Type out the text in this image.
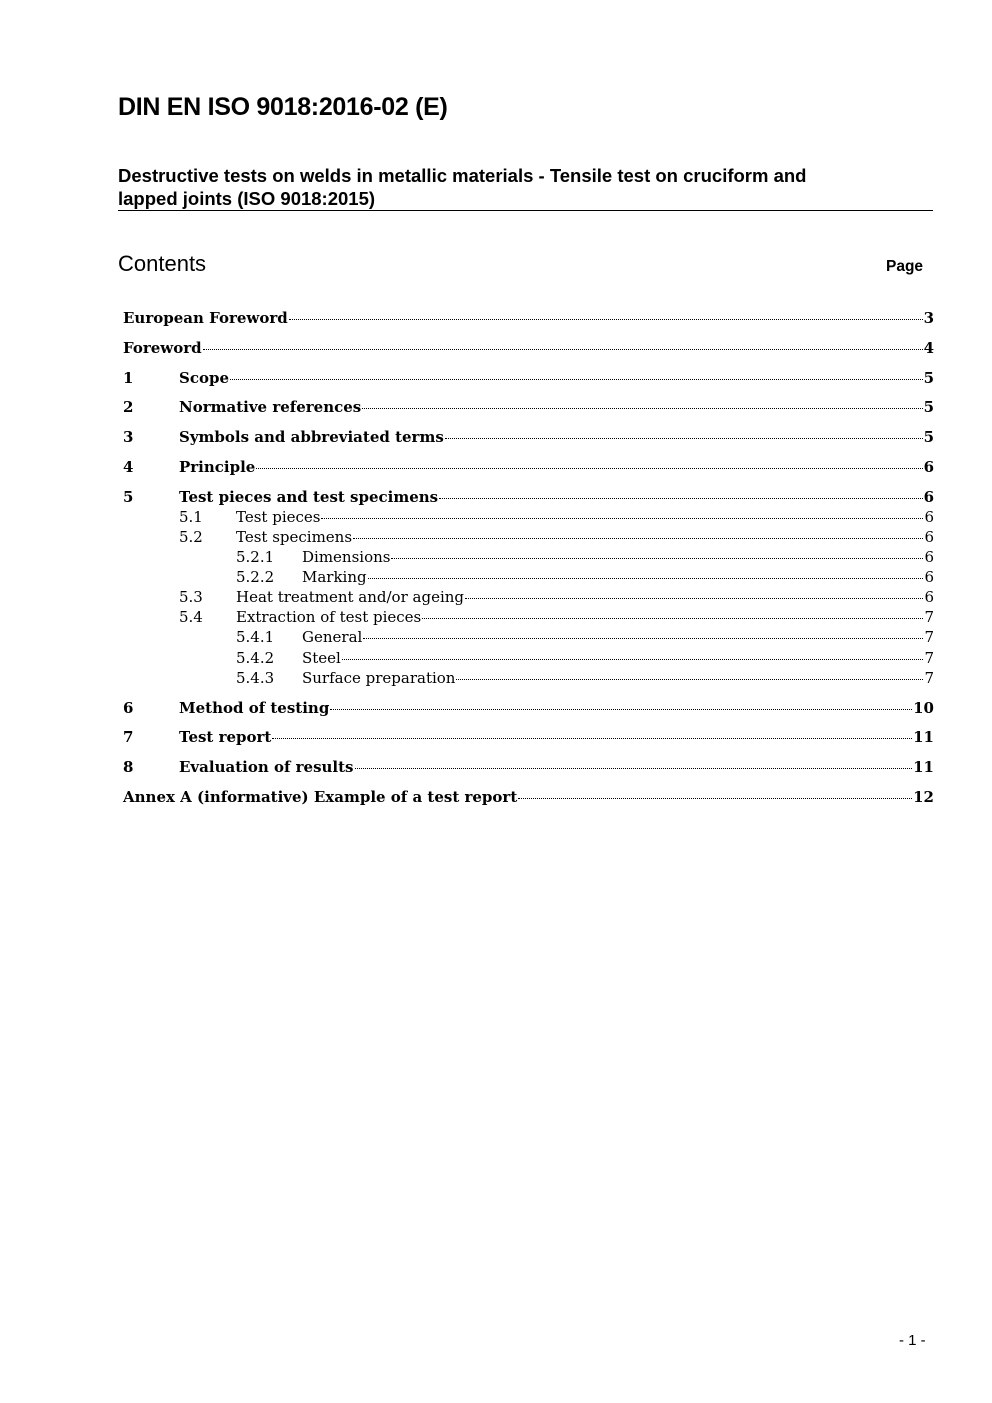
DIN EN ISO 9018:2016-02 (E)
Destructive tests on welds in metallic materials - Tensile test on cruciform and
lapped joints (ISO 9018:2015)
Contents	Page
European Foreword	3
Foreword	4
1	Scope	5
2	Normative references	5
3	Symbols and abbreviated terms	5
4	Principle	6
5	Test pieces and test specimens	6
5.1	Test pieces	6
5.2	Test specimens	6
5.2.1	Dimensions	6
5.2.2	Marking	6
5.3	Heat treatment and/or ageing	6
5.4	Extraction of test pieces	7
5.4.1	General	7
5.4.2	Steel	7
5.4.3	Surface preparation	7
6	Method of testing	10
7	Test report	11
8	Evaluation of results	11
Annex A (informative) Example of a test report	12
- 1 -
